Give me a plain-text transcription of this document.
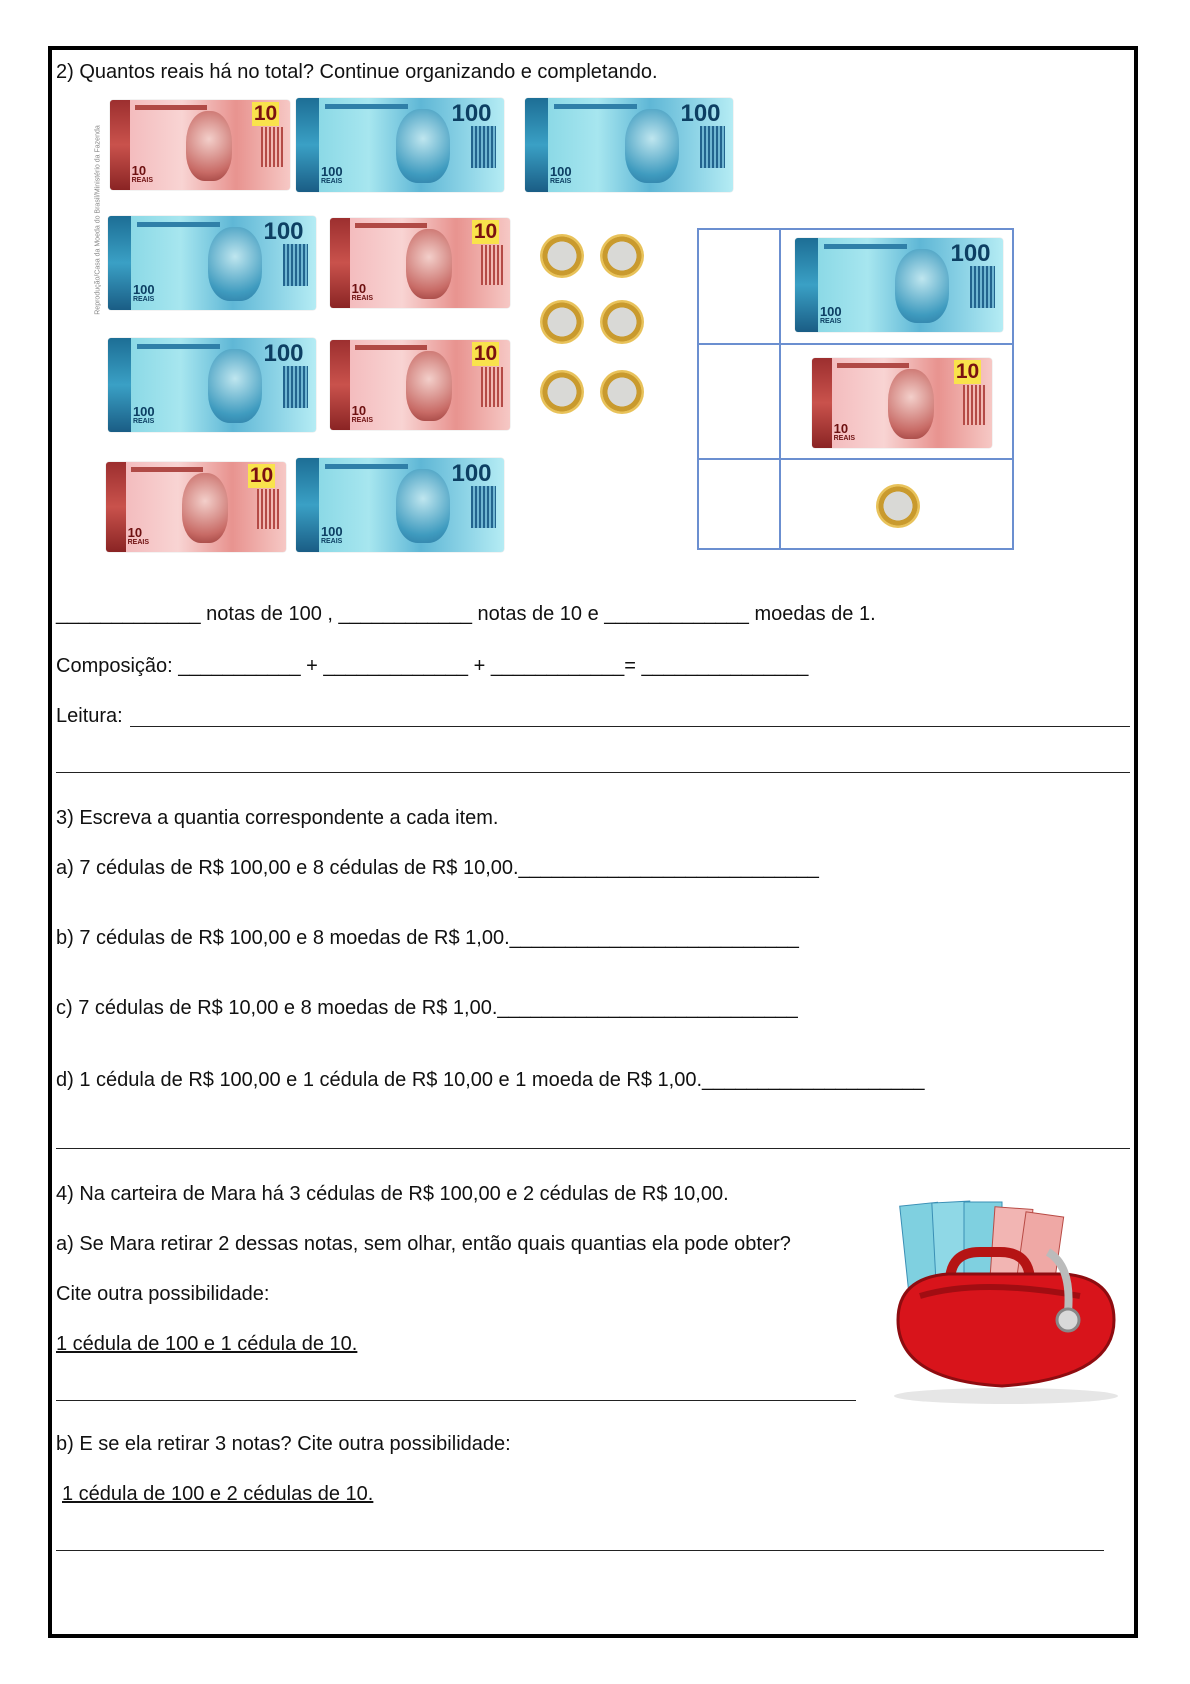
2) Quantos reais há no total? Continue organizando e completando.
Reprodução/Casa da Moeda do Brasil/Ministério da Fazenda
100
100
REAIS
100
100
REAIS
10
10
REAIS
100
100
REAIS
10
10
REAIS
100
100
REAIS
10
10
REAIS
10
10
REAIS
100
100
REAIS
100
100
REAIS
10
10
REAIS
_____________ notas de 100 , ____________ notas de 10 e _____________ moedas de 1.
Composição: ___________ + _____________ + ____________= _______________
Leitura:
3) Escreva a quantia correspondente a cada item.
a) 7 cédulas de R$ 100,00 e 8 cédulas de R$ 10,00.___________________________
b) 7 cédulas de R$ 100,00 e 8 moedas de R$ 1,00.__________________________
c) 7 cédulas de R$ 10,00 e 8 moedas de R$ 1,00.___________________________
d) 1 cédula de R$ 100,00 e 1 cédula de R$ 10,00 e 1 moeda de R$ 1,00.____________________
4) Na carteira de Mara há 3 cédulas de R$ 100,00 e 2 cédulas de R$ 10,00.
a) Se Mara retirar 2 dessas notas, sem olhar, então quais quantias ela pode obter?
Cite outra possibilidade:
1 cédula de 100 e 1 cédula de 10.
b) E se ela retirar 3 notas? Cite outra possibilidade:
1 cédula de 100 e 2 cédulas de 10.
